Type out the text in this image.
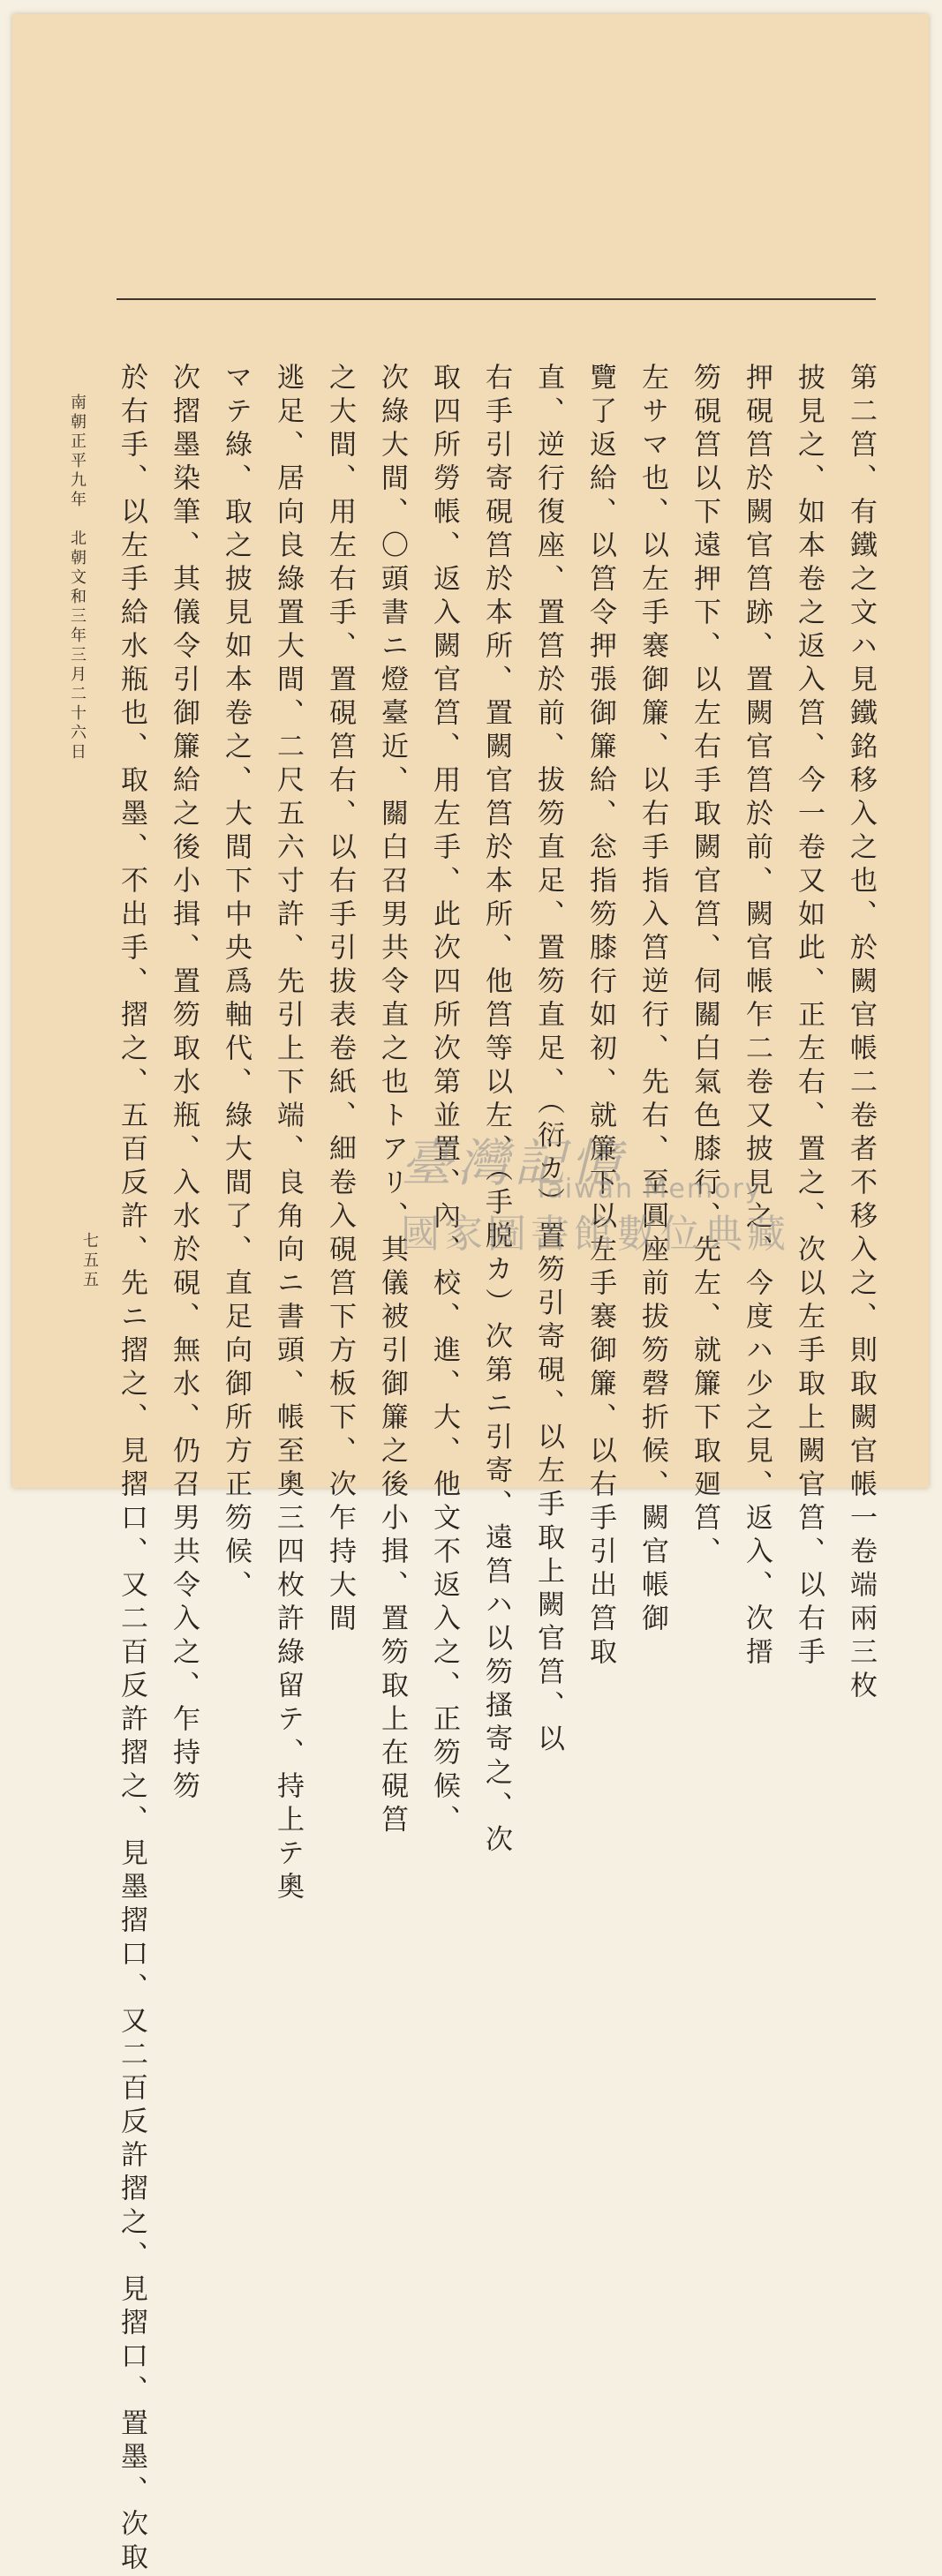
第二筥、有鐵之文ハ見鐵銘移入之也、於闕官帳二卷者不移入之、則取闕官帳一卷端兩三枚
披見之、如本卷之返入筥、今一卷又如此、正左右、置之、次以左手取上闕官筥、以右手
押硯筥於闕官筥跡、置闕官筥於前、闕官帳乍二卷又披見之、今度ハ少之見、返入、次搢
笏硯筥以下遠押下、以左右手取闕官筥、伺關白氣色膝行、先左、就簾下取廻筥、
左サマ也、以左手褰御簾、以右手指入筥逆行、先右、至圓座前拔笏磬折候、闕官帳御
覽了返給、以筥令押張御簾給、忩指笏膝行如初、就簾下以左手褰御簾、以右手引出筥取
直、逆行復座、置筥於前、拔笏直足、置笏直足、（衍カ）置笏引寄硯、以左手取上闕官筥、以
右手引寄硯筥於本所、置闕官筥於本所、他筥等以左、（手脱カ）次第ニ引寄、遠筥ハ以笏搔寄之、次
取四所勞帳、返入闕官筥、用左手、此次四所次第並置、內、校、進、大、他文不返入之、正笏候、
次綠大間、〇頭書ニ燈臺近、關白召男共令直之也トアリ、其儀被引御簾之後小揖、置笏取上在硯筥
之大間、用左右手、置硯筥右、以右手引拔表卷紙、細卷入硯筥下方板下、次乍持大間
逃足、居向良綠置大間、二尺五六寸許、先引上下端、良角向ニ書頭、帳至奧三四枚許綠留テ、持上テ奧
マテ綠、取之披見如本卷之、大間下中央爲軸代、綠大間了、直足向御所方正笏候、
次摺墨染筆、其儀令引御簾給之後小揖、置笏取水瓶、入水於硯、無水、仍召男共令入之、乍持笏
於右手、以左手給水瓶也、取墨、不出手、摺之、五百反許、先ニ摺之、見摺口、又二百反許摺之、見墨摺口、又二百反許摺之、見摺口、置墨、次取
南朝正平九年　北朝文和三年三月二十六日
七五五
臺灣記憶
Taiwan Memory
國家圖書館數位典藏
